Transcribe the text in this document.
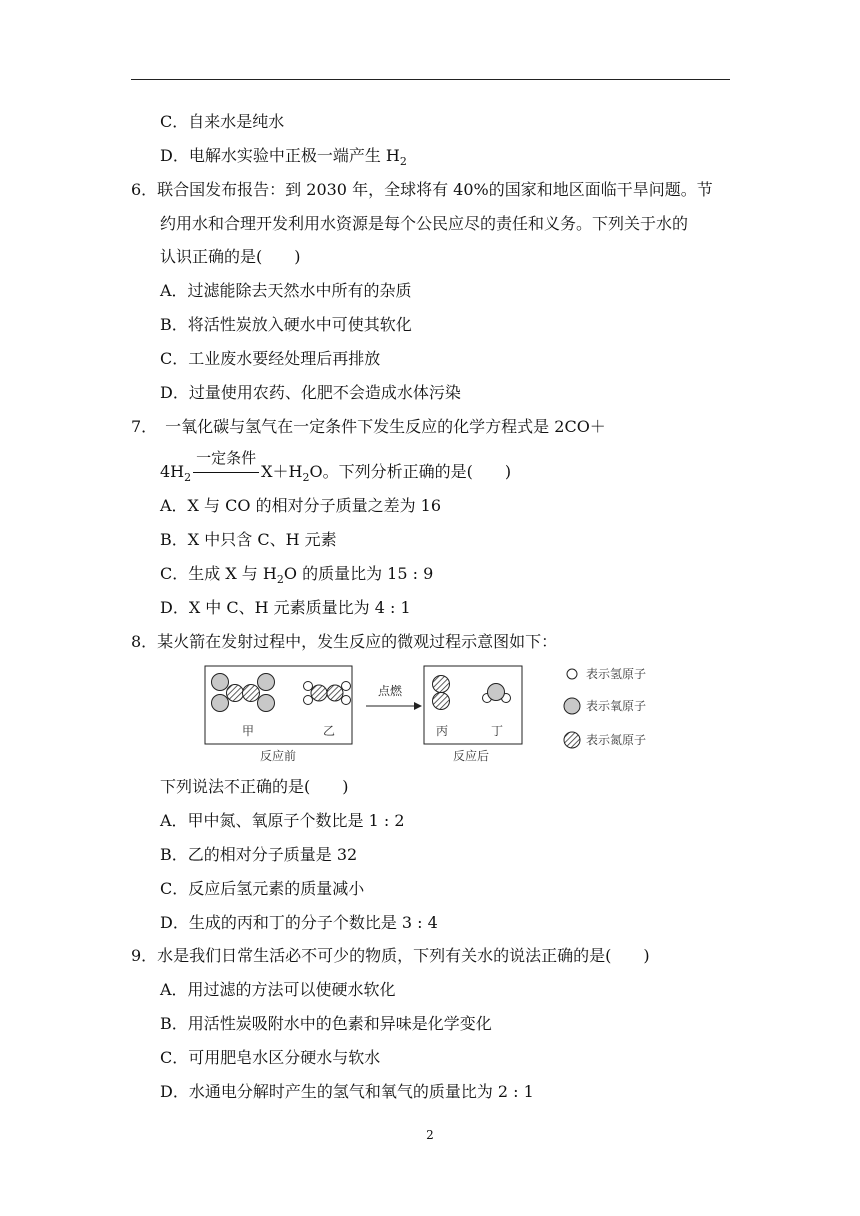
C．自来水是纯水
D．电解水实验中正极一端产生 $H_2$
6．联合国发布报告：到 2030 年，全球将有 40%的国家和地区面临干旱问题。节
约用水和合理开发利用水资源是每个公民应尽的责任和义务。下列关于水的
认识正确的是(　　)
A．过滤能除去天然水中所有的杂质
B．将活性炭放入硬水中可使其软化
C．工业废水要经处理后再排放
D．过量使用农药、化肥不会造成水体污染
7．　一氧化碳与氢气在一定条件下发生反应的化学方程式是 2CO＋
$4H_2$
一定条件
$X+H_2O$。下列分析正确的是(　　)
A．X 与 CO 的相对分子质量之差为 16
B．X 中只含 C、H 元素
C．生成 X 与 $H_2O$ 的质量比为 15 : 9
D．X 中 C、H 元素质量比为 4 : 1
8．某火箭在发射过程中，发生反应的微观过程示意图如下：
甲	乙
点燃
丙	丁
反应前	反应后
表示氢原子
表示氧原子
表示氮原子
下列说法不正确的是(　　)
A．甲中氮、氧原子个数比是 1 : 2
B．乙的相对分子质量是 32
C．反应后氢元素的质量减小
D．生成的丙和丁的分子个数比是 3 : 4
9．水是我们日常生活必不可少的物质，下列有关水的说法正确的是(　　)
A．用过滤的方法可以使硬水软化
B．用活性炭吸附水中的色素和异味是化学变化
C．可用肥皂水区分硬水与软水
D．水通电分解时产生的氢气和氧气的质量比为 2 : 1
2
